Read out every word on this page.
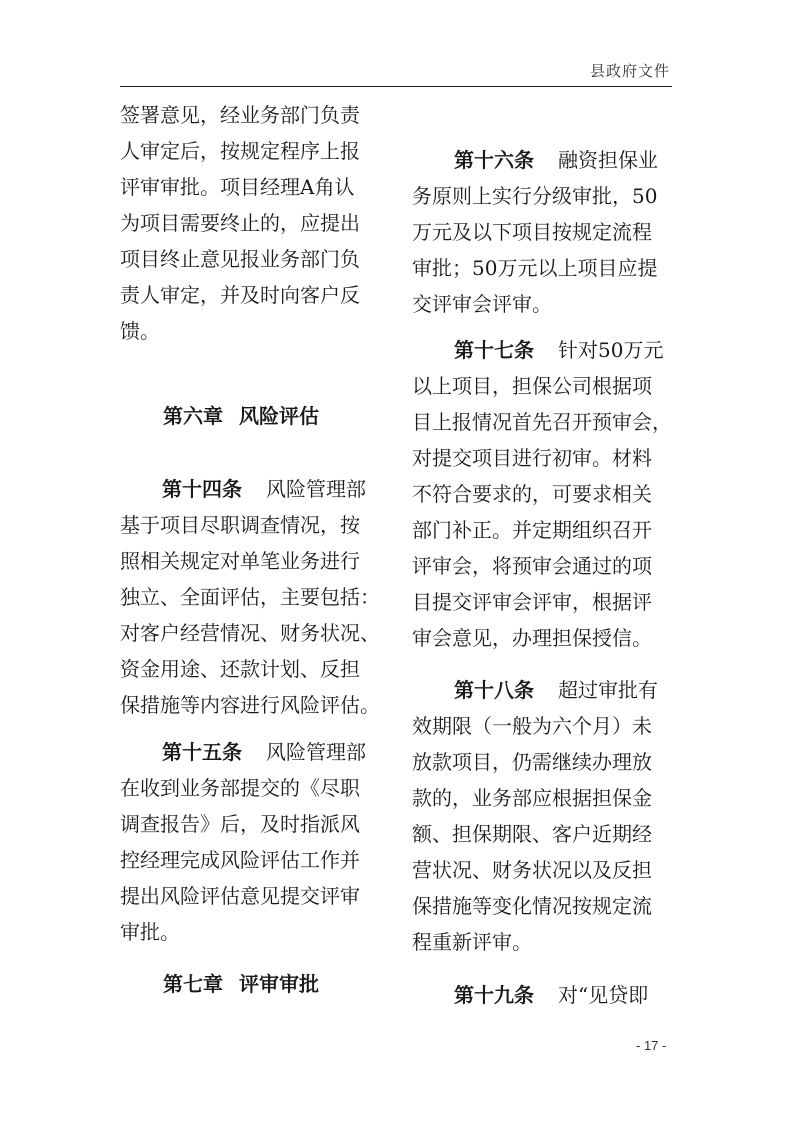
县政府文件
签署意见，经业务部门负责
人审定后，按规定程序上报
评审审批。项目经理A角认
为项目需要终止的，应提出
项目终止意见报业务部门负
责人审定，并及时向客户反
馈。
第六章 风险评估
第十四条 风险管理部
基于项目尽职调查情况，按
照相关规定对单笔业务进行
独立、全面评估，主要包括：
对客户经营情况、财务状况、
资金用途、还款计划、反担
保措施等内容进行风险评估。
第十五条 风险管理部
在收到业务部提交的《尽职
调查报告》后，及时指派风
控经理完成风险评估工作并
提出风险评估意见提交评审
审批。
第七章 评审审批
第十六条 融资担保业
务原则上实行分级审批，50
万元及以下项目按规定流程
审批；50万元以上项目应提
交评审会评审。
第十七条 针对50万元
以上项目，担保公司根据项
目上报情况首先召开预审会，
对提交项目进行初审。材料
不符合要求的，可要求相关
部门补正。并定期组织召开
评审会，将预审会通过的项
目提交评审会评审，根据评
审会意见，办理担保授信。
第十八条 超过审批有
效期限（一般为六个月）未
放款项目，仍需继续办理放
款的，业务部应根据担保金
额、担保期限、客户近期经
营状况、财务状况以及反担
保措施等变化情况按规定流
程重新评审。
第十九条 对“见贷即
- 17 -
